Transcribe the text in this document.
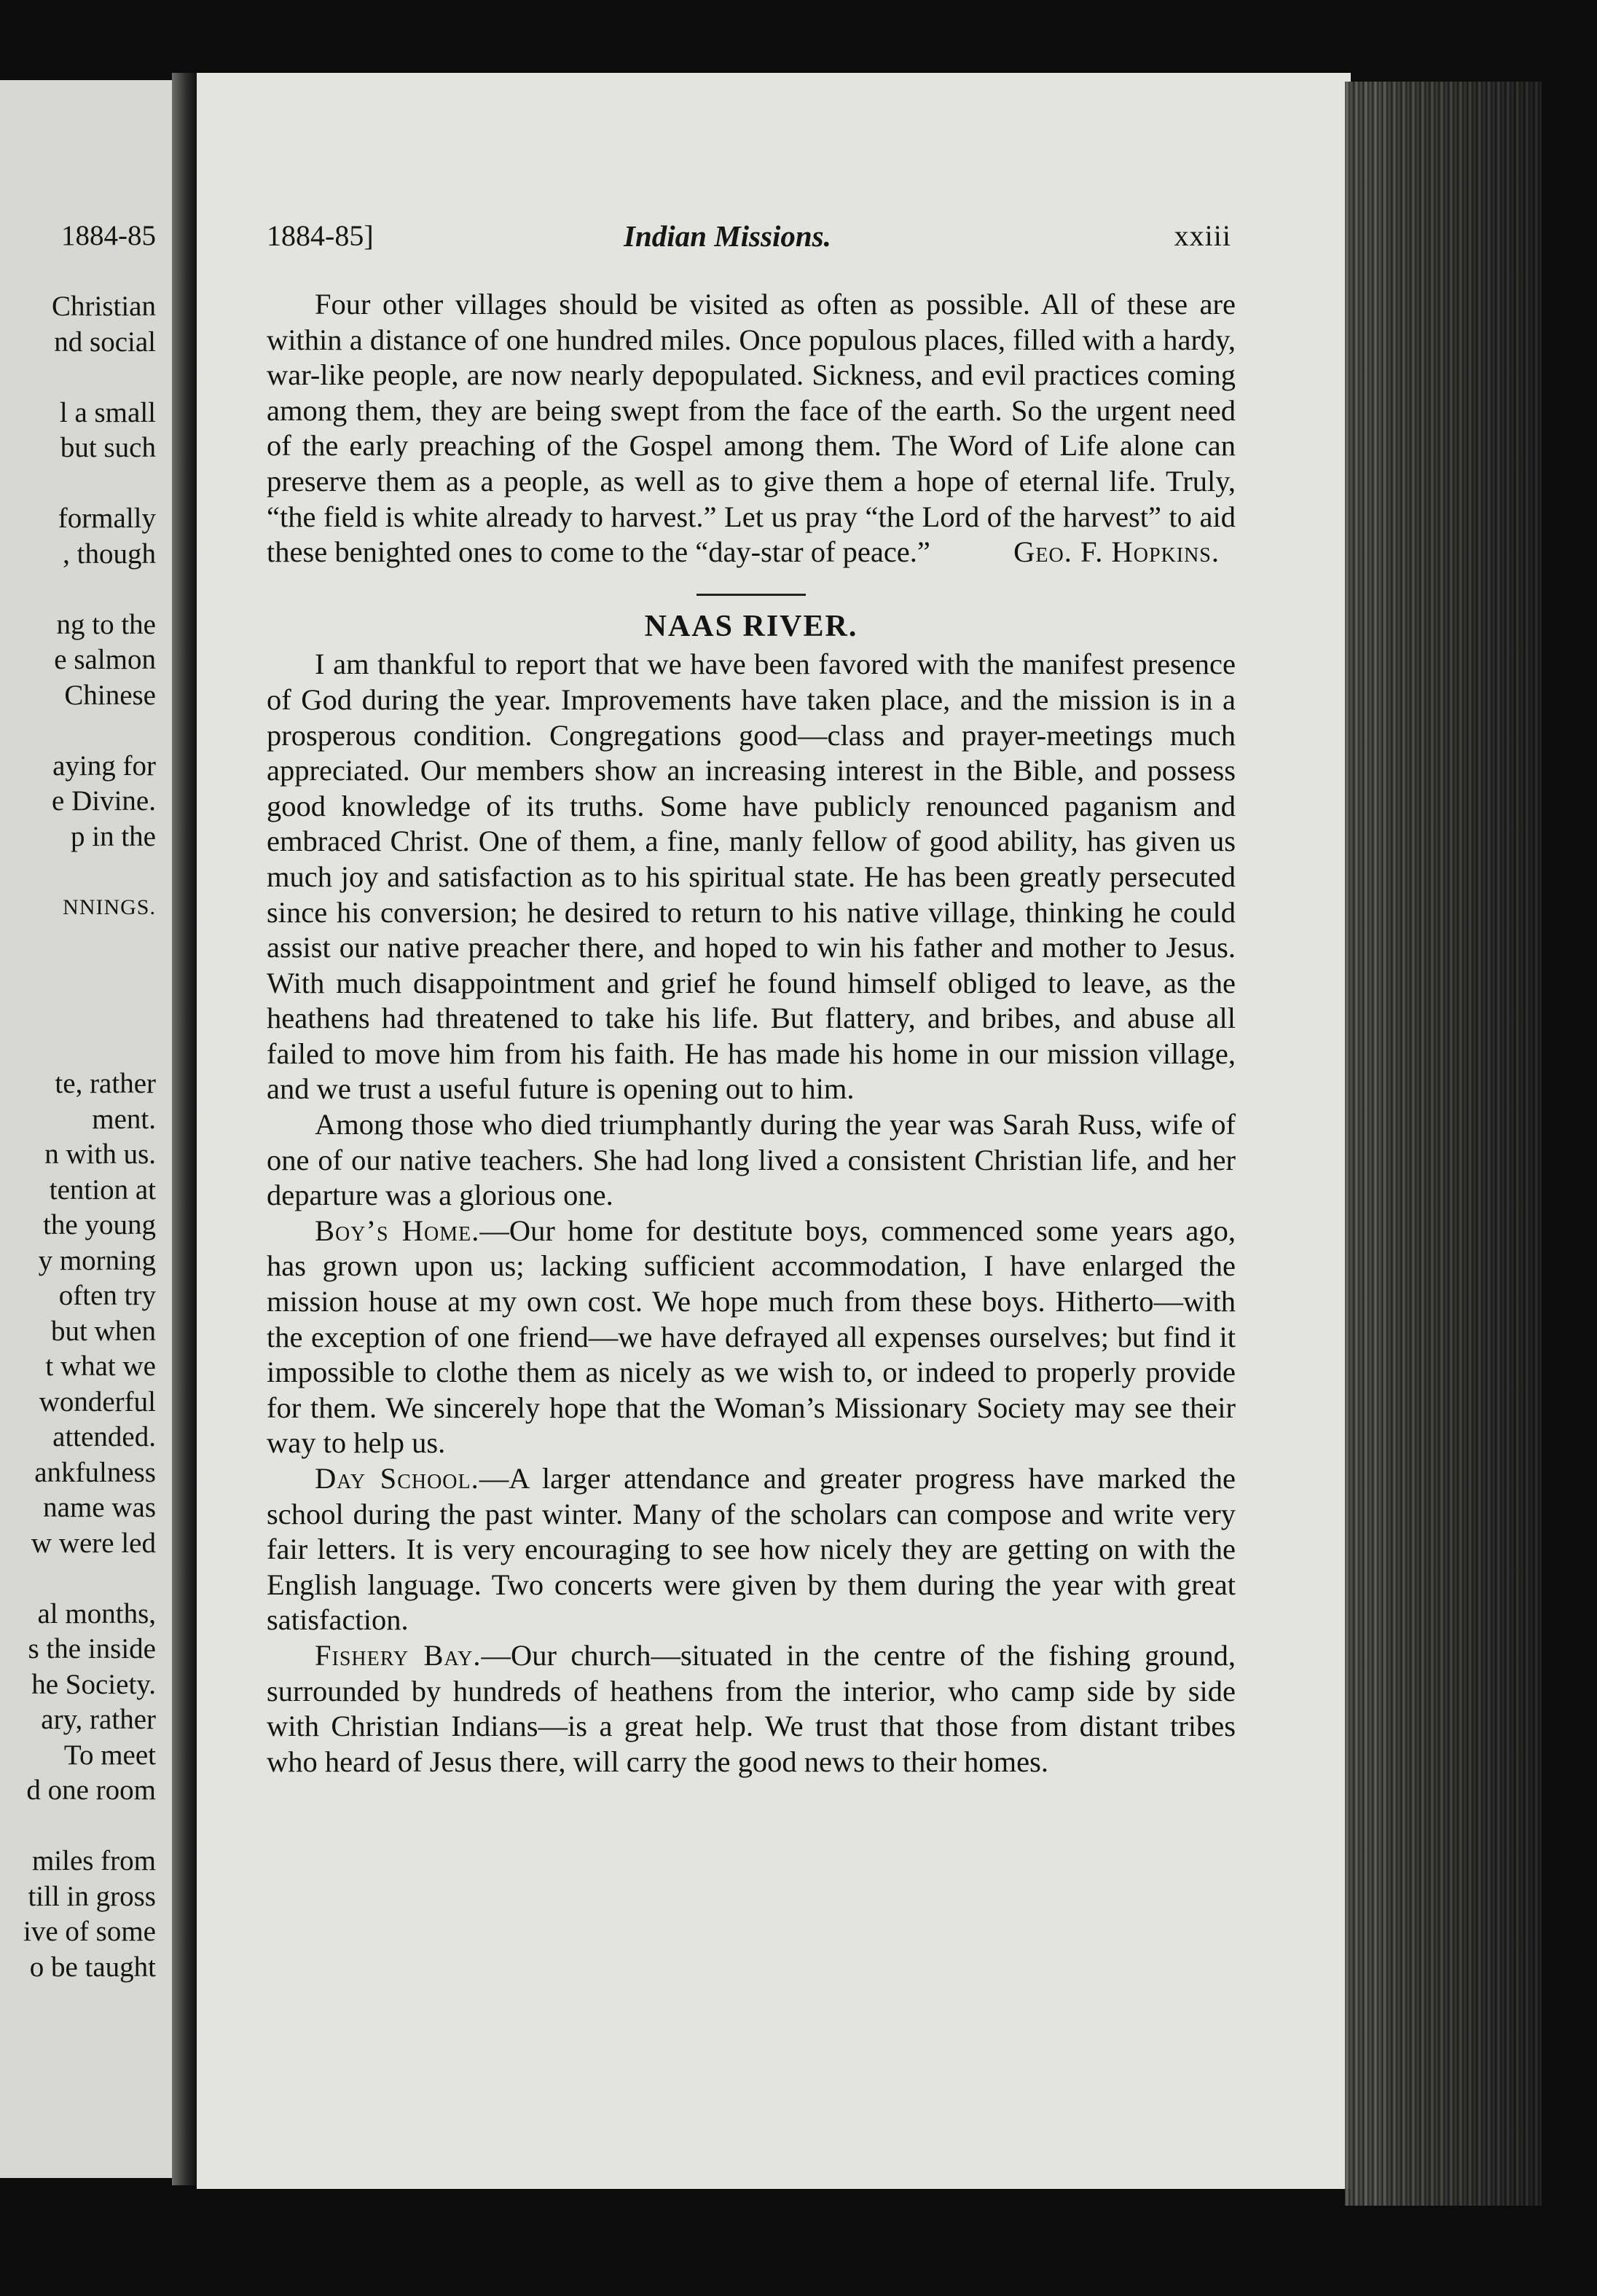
1884-85

Christian
nd social

l a small
but such

formally
, though

ng to the
e salmon
Chinese

aying for
e Divine.
p in the

NNINGS.

te, rather
ment.
n with us.
tention at
the young
y morning
often try
but when
t what we
wonderful
attended.
ankfulness
name was
w were led

al months,
s the inside
he Society.
ary, rather
To meet
d one room

miles from
till in gross
ive of some
o be taught
1884-85]	Indian Missions.	xxiii

Four other villages should be visited as often as possible. All of these are within a distance of one hundred miles. Once populous places, filled with a hardy, war-like people, are now nearly depopulated. Sickness, and evil practices coming among them, they are being swept from the face of the earth. So the urgent need of the early preaching of the Gospel among them. The Word of Life alone can preserve them as a people, as well as to give them a hope of eternal life. Truly, “the field is white already to harvest.” Let us pray “the Lord of the harvest” to aid these benighted ones to come to the “day-star of peace.”	Geo. F. Hopkins.
NAAS RIVER.

I am thankful to report that we have been favored with the manifest presence of God during the year. Improvements have taken place, and the mission is in a prosperous condition. Congregations good—class and prayer-meetings much appreciated. Our members show an increasing interest in the Bible, and possess good knowledge of its truths. Some have publicly renounced paganism and embraced Christ. One of them, a fine, manly fellow of good ability, has given us much joy and satisfaction as to his spiritual state. He has been greatly persecuted since his conversion; he desired to return to his native village, thinking he could assist our native preacher there, and hoped to win his father and mother to Jesus. With much disappointment and grief he found himself obliged to leave, as the heathens had threatened to take his life. But flattery, and bribes, and abuse all failed to move him from his faith. He has made his home in our mission village, and we trust a useful future is opening out to him.

Among those who died triumphantly during the year was Sarah Russ, wife of one of our native teachers. She had long lived a consistent Christian life, and her departure was a glorious one.

Boy’s Home.—Our home for destitute boys, commenced some years ago, has grown upon us; lacking sufficient accommodation, I have enlarged the mission house at my own cost. We hope much from these boys. Hitherto—with the exception of one friend—we have defrayed all expenses ourselves; but find it impossible to clothe them as nicely as we wish to, or indeed to properly provide for them. We sincerely hope that the Woman’s Missionary Society may see their way to help us.

Day School.—A larger attendance and greater progress have marked the school during the past winter. Many of the scholars can compose and write very fair letters. It is very encouraging to see how nicely they are getting on with the English language. Two concerts were given by them during the year with great satisfaction.

Fishery Bay.—Our church—situated in the centre of the fishing ground, surrounded by hundreds of heathens from the interior, who camp side by side with Christian Indians—is a great help. We trust that those from distant tribes who heard of Jesus there, will carry the good news to their homes.
